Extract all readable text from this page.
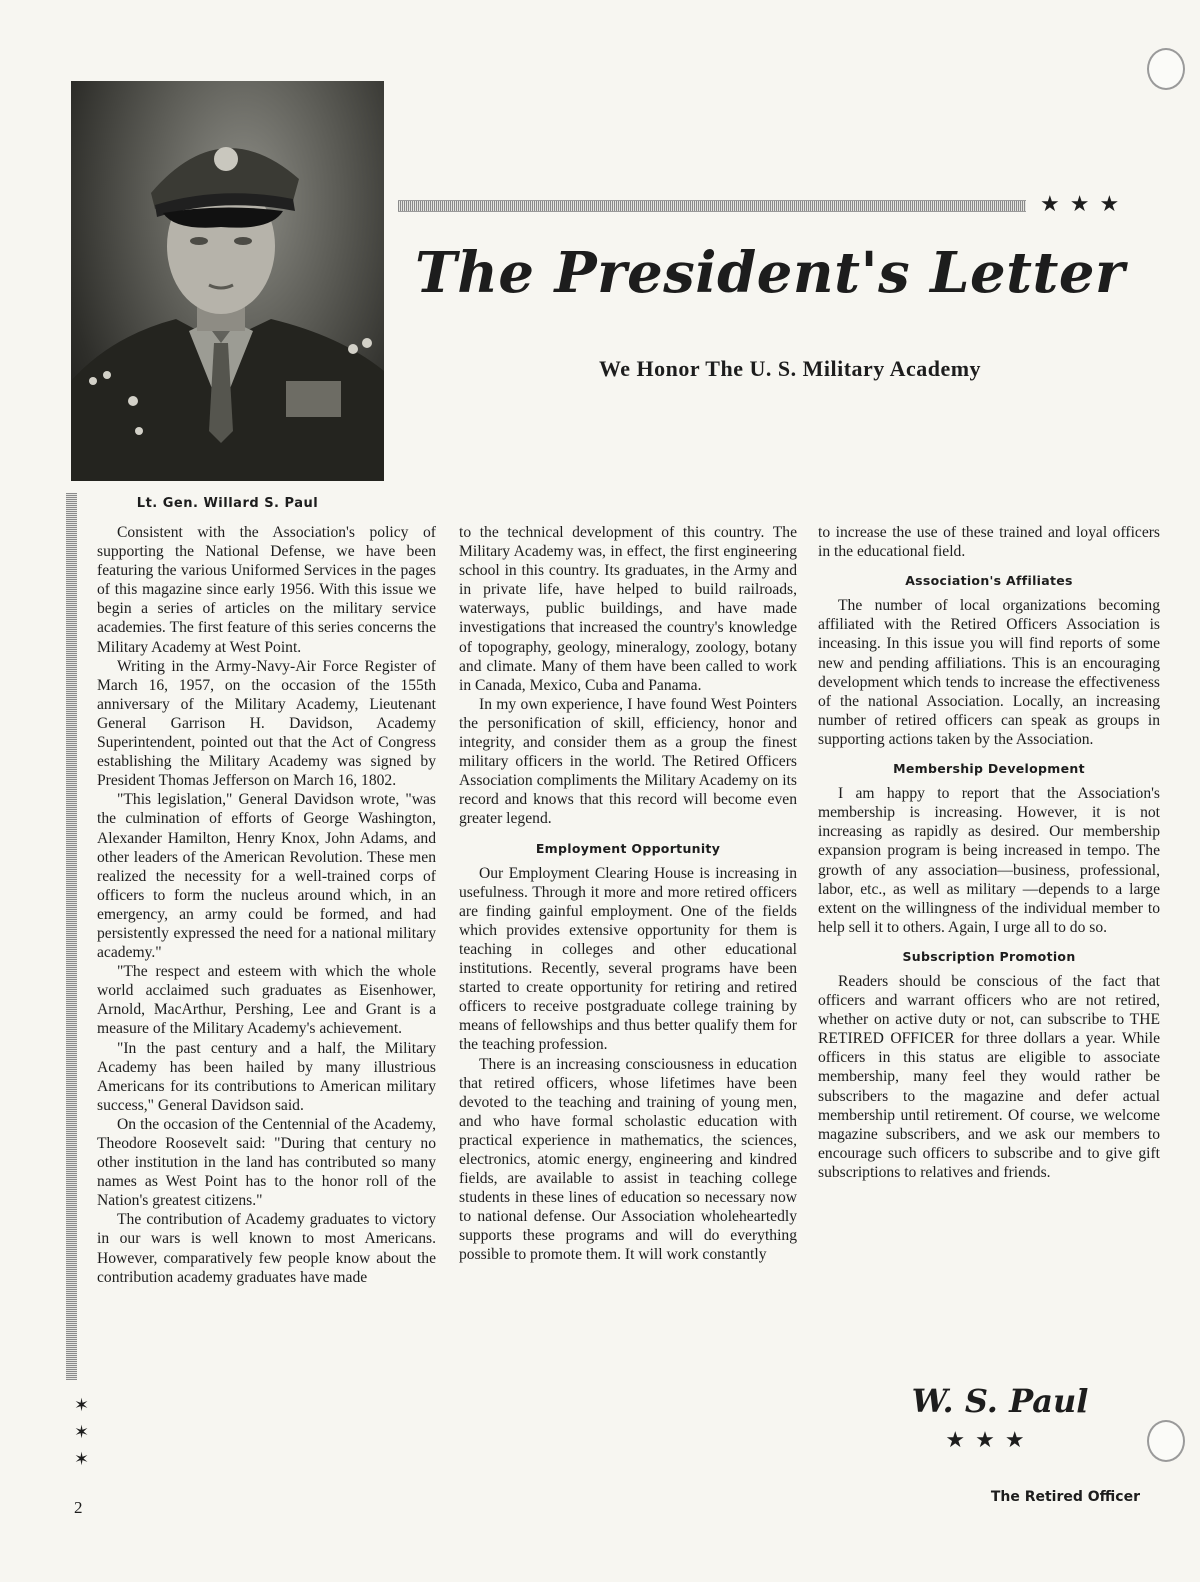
Lt. Gen. Willard S. Paul
★★★
The President's Letter
We Honor The U. S. Military Academy
✶
✶
✶

Consistent with the Association's policy of supporting the National Defense, we have been featuring the various Uniformed Services in the pages of this magazine since early 1956. With this issue we begin a series of articles on the military service academies. The first feature of this series concerns the Military Academy at West Point.

Writing in the Army-Navy-Air Force Register of March 16, 1957, on the occasion of the 155th anniversary of the Military Academy, Lieutenant General Garrison H. Davidson, Academy Superintendent, pointed out that the Act of Congress establishing the Military Academy was signed by President Thomas Jefferson on March 16, 1802.

"This legislation," General Davidson wrote, "was the culmination of efforts of George Washington, Alexander Hamilton, Henry Knox, John Adams, and other leaders of the American Revolution. These men realized the necessity for a well-trained corps of officers to form the nucleus around which, in an emergency, an army could be formed, and had persistently expressed the need for a national military academy."

"The respect and esteem with which the whole world acclaimed such graduates as Eisenhower, Arnold, MacArthur, Pershing, Lee and Grant is a measure of the Military Academy's achievement.

"In the past century and a half, the Military Academy has been hailed by many illustrious Americans for its contributions to American military success," General Davidson said.

On the occasion of the Centennial of the Academy, Theodore Roosevelt said: "During that century no other institution in the land has contributed so many names as West Point has to the honor roll of the Nation's greatest citizens."

The contribution of Academy graduates to victory in our wars is well known to most Americans. However, comparatively few people know about the contribution academy graduates have made

to the technical development of this country. The Military Academy was, in effect, the first engineering school in this country. Its graduates, in the Army and in private life, have helped to build railroads, waterways, public buildings, and have made investigations that increased the country's knowledge of topography, geology, mineralogy, zoology, botany and climate. Many of them have been called to work in Canada, Mexico, Cuba and Panama.

In my own experience, I have found West Pointers the personification of skill, efficiency, honor and integrity, and consider them as a group the finest military officers in the world. The Retired Officers Association compliments the Military Academy on its record and knows that this record will become even greater legend.

Employment Opportunity

Our Employment Clearing House is increasing in usefulness. Through it more and more retired officers are finding gainful employment. One of the fields which provides extensive opportunity for them is teaching in colleges and other educational institutions. Recently, several programs have been started to create opportunity for retiring and retired officers to receive postgraduate college training by means of fellowships and thus better qualify them for the teaching profession.

There is an increasing consciousness in education that retired officers, whose lifetimes have been devoted to the teaching and training of young men, and who have formal scholastic education with practical experience in mathematics, the sciences, electronics, atomic energy, engineering and kindred fields, are available to assist in teaching college students in these lines of education so necessary now to national defense. Our Association wholeheartedly supports these programs and will do everything possible to promote them. It will work constantly

to increase the use of these trained and loyal officers in the educational field.

Association's Affiliates

The number of local organizations becoming affiliated with the Retired Officers Association is inceasing. In this issue you will find reports of some new and pending affiliations. This is an encouraging development which tends to increase the effectiveness of the national Association. Locally, an increasing number of retired officers can speak as groups in supporting actions taken by the Association.

Membership Development

I am happy to report that the Association's membership is increasing. However, it is not increasing as rapidly as desired. Our membership expansion program is being increased in tempo. The growth of any association—business, professional, labor, etc., as well as military —depends to a large extent on the willingness of the individual member to help sell it to others. Again, I urge all to do so.

Subscription Promotion

Readers should be conscious of the fact that officers and warrant officers who are not retired, whether on active duty or not, can subscribe to THE RETIRED OFFICER for three dollars a year. While officers in this status are eligible to associate membership, many feel they would rather be subscribers to the magazine and defer actual membership until retirement. Of course, we welcome magazine subscribers, and we ask our members to encourage such officers to subscribe and to give gift subscriptions to relatives and friends.

W. S. Paul
★★★
2
The Retired Officer
